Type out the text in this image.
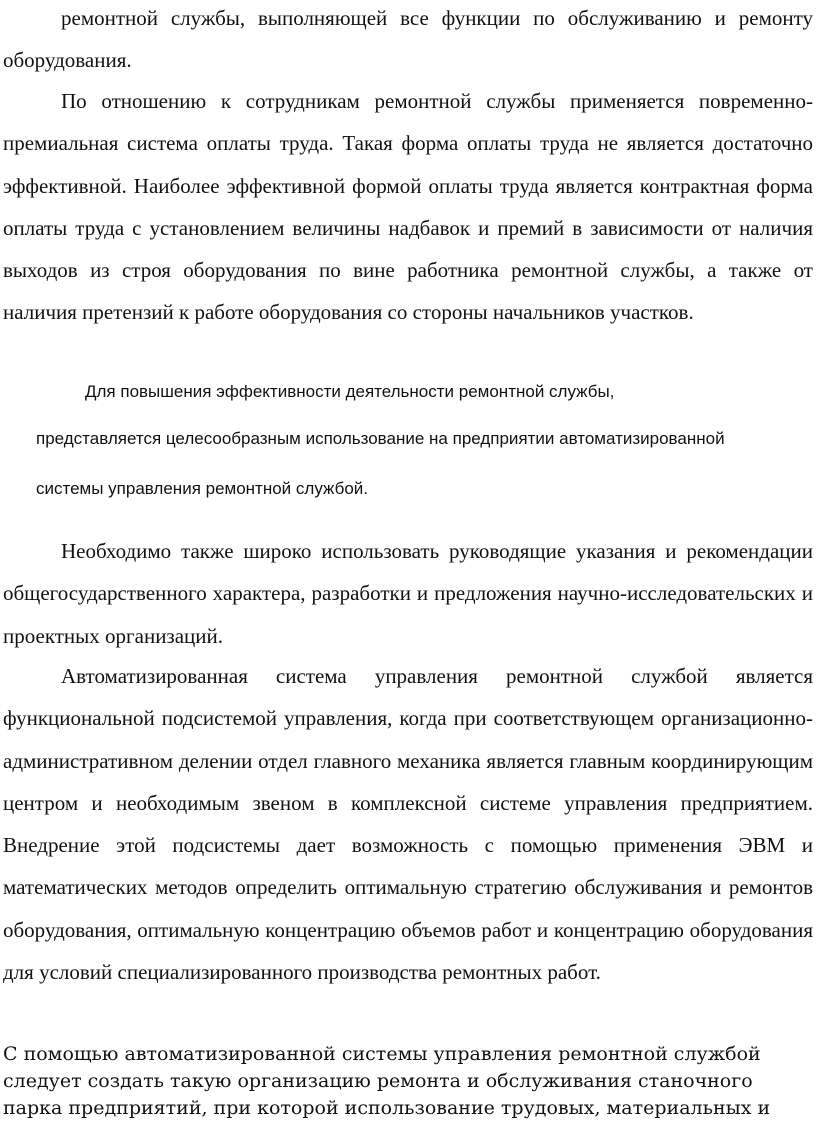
ремонтной службы, выполняющей все функции по обслуживанию и ремонту оборудования.

По отношению к сотрудникам ремонтной службы применяется повременно-премиальная система оплаты труда. Такая форма оплаты труда не является достаточно эффективной. Наиболее эффективной формой оплаты труда является контрактная форма оплаты труда с установлением величины надбавок и премий в зависимости от наличия выходов из строя оборудования по вине работника ремонтной службы, а также от наличия претензий к работе оборудования со стороны начальников участков.

Для повышения эффективности деятельности ремонтной службы,

представляется целесообразным использование на предприятии автоматизированной

системы управления ремонтной службой.

Необходимо также широко использовать руководящие указания и рекомендации общегосударственного характера, разработки и предложения научно-исследовательских и проектных организаций.

Автоматизированная система управления ремонтной службой является функциональной подсистемой управления, когда при соответствующем организационно-административном делении отдел главного механика является главным координирующим центром и необходимым звеном в комплексной системе управления предприятием. Внедрение этой подсистемы дает возможность с помощью применения ЭВМ и математических методов определить оптимальную стратегию обслуживания и ремонтов оборудования, оптимальную концентрацию объемов работ и концентрацию оборудования для условий специализированного производства ремонтных работ.

С помощью автоматизированной системы управления ремонтной службой

следует создать такую организацию ремонта и обслуживания станочного

парка предприятий, при которой использование трудовых, материальных и
